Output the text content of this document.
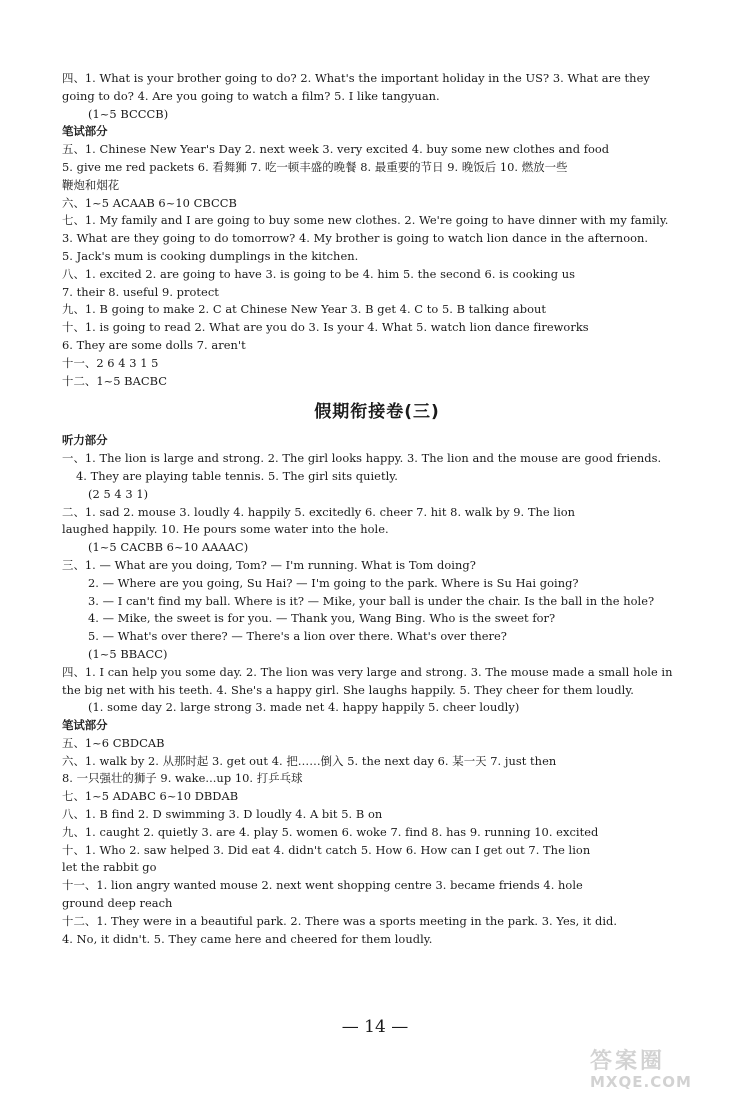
四、1. What is your brother going to do? 2. What's the important holiday in the US? 3. What are they
going to do? 4. Are you going to watch a film? 5. I like tangyuan.
(1~5 BCCCB)
笔试部分
五、1. Chinese New Year's Day 2. next week 3. very excited 4. buy some new clothes and food
5. give me red packets 6. 看舞狮 7. 吃一顿丰盛的晚餐 8. 最重要的节日 9. 晚饭后 10. 燃放一些
鞭炮和烟花
六、1~5 ACAAB 6~10 CBCCB
七、1. My family and I are going to buy some new clothes. 2. We're going to have dinner with my family.
3. What are they going to do tomorrow? 4. My brother is going to watch lion dance in the afternoon.
5. Jack's mum is cooking dumplings in the kitchen.
八、1. excited 2. are going to have 3. is going to be 4. him 5. the second 6. is cooking us
7. their 8. useful 9. protect
九、1. B going to make 2. C at Chinese New Year 3. B get 4. C to 5. B talking about
十、1. is going to read 2. What are you do 3. Is your 4. What 5. watch lion dance fireworks
6. They are some dolls 7. aren't
十一、2 6 4 3 1 5
十二、1~5 BACBC
假期衔接卷(三)
听力部分
一、1. The lion is large and strong. 2. The girl looks happy. 3. The lion and the mouse are good friends.
4. They are playing table tennis. 5. The girl sits quietly.
(2 5 4 3 1)
二、1. sad 2. mouse 3. loudly 4. happily 5. excitedly 6. cheer 7. hit 8. walk by 9. The lion
laughed happily. 10. He pours some water into the hole.
(1~5 CACBB 6~10 AAAAC)
三、1. — What are you doing, Tom? — I'm running. What is Tom doing?
2. — Where are you going, Su Hai? — I'm going to the park. Where is Su Hai going?
3. — I can't find my ball. Where is it? — Mike, your ball is under the chair. Is the ball in the hole?
4. — Mike, the sweet is for you. — Thank you, Wang Bing. Who is the sweet for?
5. — What's over there? — There's a lion over there. What's over there?
(1~5 BBACC)
四、1. I can help you some day. 2. The lion was very large and strong. 3. The mouse made a small hole in
the big net with his teeth. 4. She's a happy girl. She laughs happily. 5. They cheer for them loudly.
(1. some day 2. large strong 3. made net 4. happy happily 5. cheer loudly)
笔试部分
五、1~6 CBDCAB
六、1. walk by 2. 从那时起 3. get out 4. 把……倒入 5. the next day 6. 某一天 7. just then
8. 一只强壮的狮子 9. wake...up 10. 打乒乓球
七、1~5 ADABC 6~10 DBDAB
八、1. B find 2. D swimming 3. D loudly 4. A bit 5. B on
九、1. caught 2. quietly 3. are 4. play 5. women 6. woke 7. find 8. has 9. running 10. excited
十、1. Who 2. saw helped 3. Did eat 4. didn't catch 5. How 6. How can I get out 7. The lion
let the rabbit go
十一、1. lion angry wanted mouse 2. next went shopping centre 3. became friends 4. hole
ground deep reach
十二、1. They were in a beautiful park. 2. There was a sports meeting in the park. 3. Yes, it did.
4. No, it didn't. 5. They came here and cheered for them loudly.
— 14 —
答案圈
MXQE.COM
